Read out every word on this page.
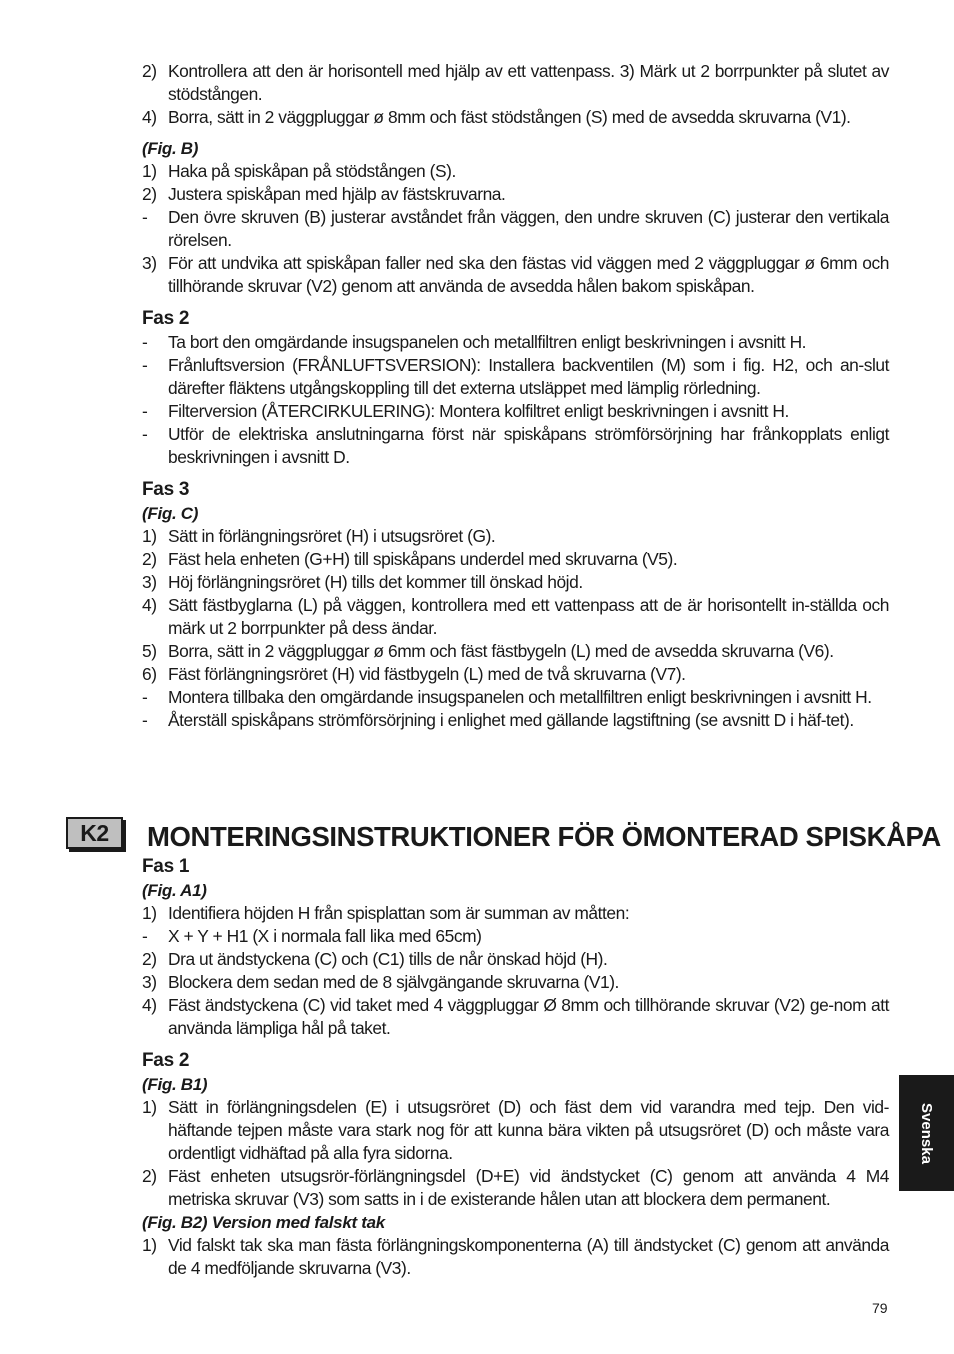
2) Kontrollera att den är horisontell med hjälp av ett vattenpass. 3) Märk ut 2 borrpunkter på slutet av stödstången.
4) Borra, sätt in 2 väggpluggar ø 8mm och fäst stödstången (S) med de avsedda skruvarna (V1).
(Fig. B)
1) Haka på spiskåpan på stödstången (S).
2) Justera spiskåpan med hjälp av fästskruvarna.
-	Den övre skruven (B) justerar avståndet från väggen, den undre skruven (C) justerar den vertikala rörelsen.
3) För att undvika att spiskåpan faller ned ska den fästas vid väggen med 2 väggpluggar ø 6mm och tillhörande skruvar (V2) genom att använda de avsedda hålen bakom spiskåpan.
Fas 2
-	Ta bort den omgärdande insugspanelen och metallfiltren enligt beskrivningen i avsnitt H.
-	Frånluftsversion (FRÅNLUFTSVERSION): Installera backventilen (M) som i fig. H2, och an-slut därefter fläktens utgångskoppling till det externa utsläppet med lämplig rörledning.
-	Filterversion (ÅTERCIRKULERING): Montera kolfiltret enligt beskrivningen i avsnitt H.
-	Utför de elektriska anslutningarna först när spiskåpans strömförsörjning har frånkopplats enligt beskrivningen i avsnitt D.
Fas 3
(Fig. C)
1) Sätt in förlängningsröret (H) i utsugsröret (G).
2) Fäst hela enheten (G+H) till spiskåpans underdel med skruvarna (V5).
3) Höj förlängningsröret (H) tills det kommer till önskad höjd.
4) Sätt fästbyglarna (L) på väggen, kontrollera med ett vattenpass att de är horisontellt in-ställda och märk ut 2 borrpunkter på dess ändar.
5) Borra, sätt in 2 väggpluggar ø 6mm och fäst fästbygeln (L) med de avsedda skruvarna (V6).
6) Fäst förlängningsröret (H) vid fästbygeln (L) med de två skruvarna (V7).
-	Montera tillbaka den omgärdande insugspanelen och metallfiltren enligt beskrivningen i avsnitt H.
-	Återställ spiskåpans strömförsörjning i enlighet med gällande lagstiftning (se avsnitt D i häf-tet).
K2	MONTERINGSINSTRUKTIONER FÖR ÖMONTERAD SPISKÅPA
Fas 1
(Fig. A1)
1) Identifiera höjden H från spisplattan som är summan av måtten:
-	X + Y + H1 (X i normala fall lika med 65cm)
2) Dra ut ändstyckena (C) och (C1) tills de når önskad höjd (H).
3) Blockera dem sedan med de 8 självgängande skruvarna (V1).
4) Fäst ändstyckena (C) vid taket med 4 väggpluggar Ø 8mm och tillhörande skruvar (V2) ge-nom att använda lämpliga hål på taket.
Fas 2
(Fig. B1)
1) Sätt in förlängningsdelen (E) i utsugsröret (D) och fäst dem vid varandra med tejp. Den vid-häftande tejpen måste vara stark nog för att kunna bära vikten på utsugsröret (D) och måste vara ordentligt vidhäftad på alla fyra sidorna.
2) Fäst enheten utsugsrör-förlängningsdel (D+E) vid ändstycket (C) genom att använda 4 M4 metriska skruvar (V3) som satts in i de existerande hålen utan att blockera dem permanent.
(Fig. B2) Version med falskt tak
1) Vid falskt tak ska man fästa förlängningskomponenterna (A) till ändstycket (C) genom att använda de 4 medföljande skruvarna (V3).
Svenska
79
